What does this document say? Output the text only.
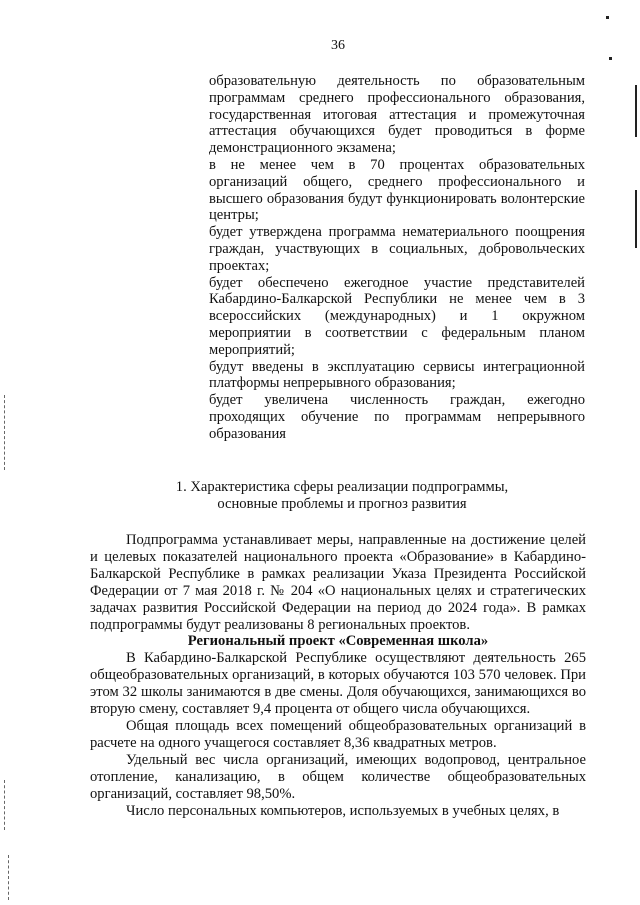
36

образовательную деятельность по образовательным программам среднего профессионального образования, государственная итоговая аттестация и промежуточная аттестация обучающихся будет проводиться в форме демонстрационного экзамена;

в не менее чем в 70 процентах образовательных организаций общего, среднего профессионального и высшего образования будут функционировать волонтерские центры;

будет утверждена программа нематериального поощрения граждан, участвующих в социальных, добровольческих проектах;

будет обеспечено ежегодное участие представителей Кабардино-Балкарской Республики не менее чем в 3 всероссийских (международных) и 1 окружном мероприятии в соответствии с федеральным планом мероприятий;

будут введены в эксплуатацию сервисы интеграционной платформы непрерывного образования;

будет увеличена численность граждан, ежегодно проходящих обучение по программам непрерывного образования

1. Характеристика сферы реализации подпрограммы,
основные проблемы и прогноз развития

Подпрограмма устанавливает меры, направленные на достижение целей и целевых показателей национального проекта «Образование» в Кабардино-Балкарской Республике в рамках реализации Указа Президента Российской Федерации от 7 мая 2018 г. № 204 «О национальных целях и стратегических задачах развития Российской Федерации на период до 2024 года». В рамках подпрограммы будут реализованы 8 региональных проектов.

Региональный проект «Современная школа»

В Кабардино-Балкарской Республике осуществляют деятельность 265 общеобразовательных организаций, в которых обучаются 103 570 человек. При этом 32 школы занимаются в две смены. Доля обучающихся, занимающихся во вторую смену, составляет 9,4 процента от общего числа обучающихся.

Общая площадь всех помещений общеобразовательных организаций в расчете на одного учащегося составляет 8,36 квадратных метров.

Удельный вес числа организаций, имеющих водопровод, центральное отопление, канализацию, в общем количестве общеобразовательных организаций, составляет 98,50%.

Число персональных компьютеров, используемых в учебных целях, в
